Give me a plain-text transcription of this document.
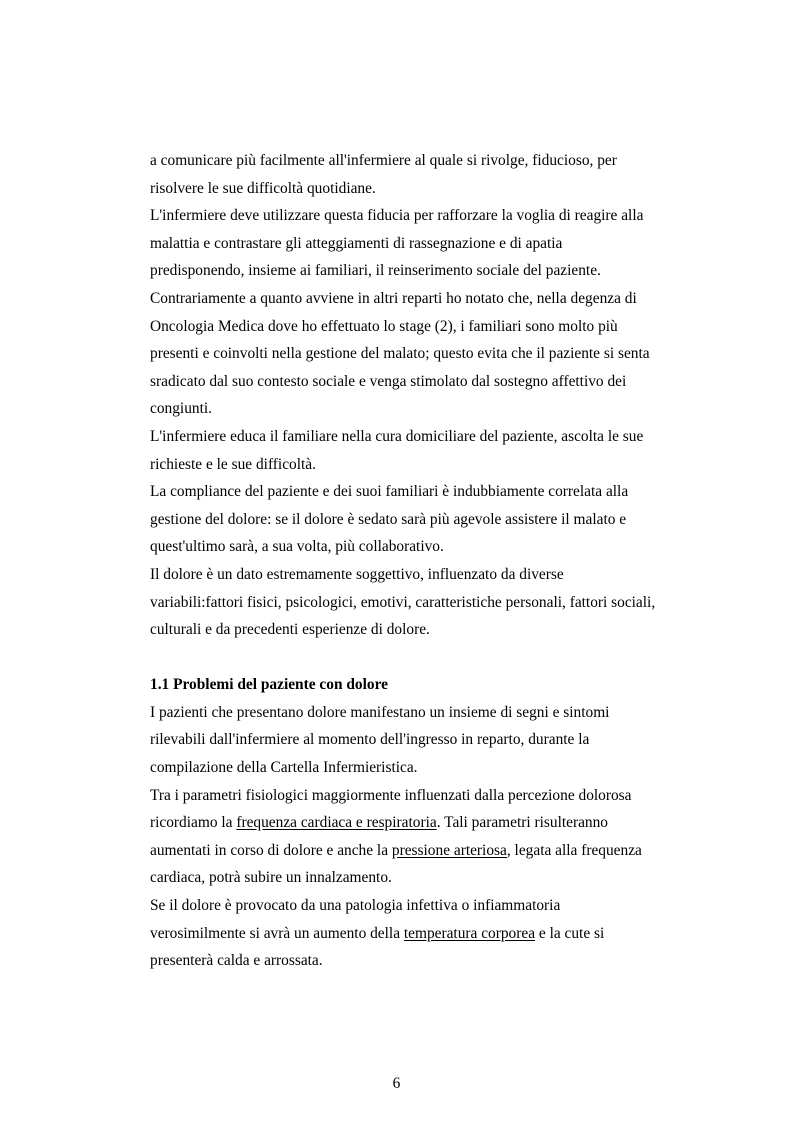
a comunicare più facilmente all'infermiere al quale si rivolge, fiducioso, per
risolvere le sue difficoltà quotidiane.
L'infermiere deve utilizzare questa fiducia per rafforzare la voglia di reagire alla
malattia e contrastare gli atteggiamenti di rassegnazione e di apatia
predisponendo, insieme ai familiari, il reinserimento sociale del paziente.
Contrariamente a quanto avviene in altri reparti ho notato che, nella degenza di
Oncologia Medica dove ho effettuato lo stage (2), i familiari sono molto più
presenti e coinvolti nella gestione del malato; questo evita che il paziente si senta
sradicato dal suo contesto sociale e venga stimolato dal sostegno affettivo dei
congiunti.
L'infermiere educa il familiare nella cura domiciliare del paziente, ascolta le sue
richieste e le sue difficoltà.
La compliance del paziente e dei suoi familiari è indubbiamente correlata alla
gestione del dolore: se il dolore è sedato sarà più agevole assistere il malato e
quest'ultimo sarà, a sua volta, più collaborativo.
Il dolore è un dato estremamente soggettivo, influenzato da diverse
variabili:fattori fisici, psicologici, emotivi, caratteristiche personali, fattori sociali,
culturali e da precedenti esperienze di dolore.
1.1 Problemi del paziente con dolore
I pazienti che presentano dolore manifestano un insieme di segni e sintomi
rilevabili dall'infermiere al momento dell'ingresso in reparto, durante la
compilazione della Cartella Infermieristica.
Tra i parametri fisiologici maggiormente influenzati dalla percezione dolorosa
ricordiamo la frequenza cardiaca e respiratoria. Tali parametri risulteranno
aumentati in corso di dolore e anche la pressione arteriosa, legata alla frequenza
cardiaca, potrà subire un innalzamento.
Se il dolore è provocato da una patologia infettiva o infiammatoria
verosimilmente si avrà un aumento della temperatura corporea e la cute si
presenterà calda e arrossata.
6
